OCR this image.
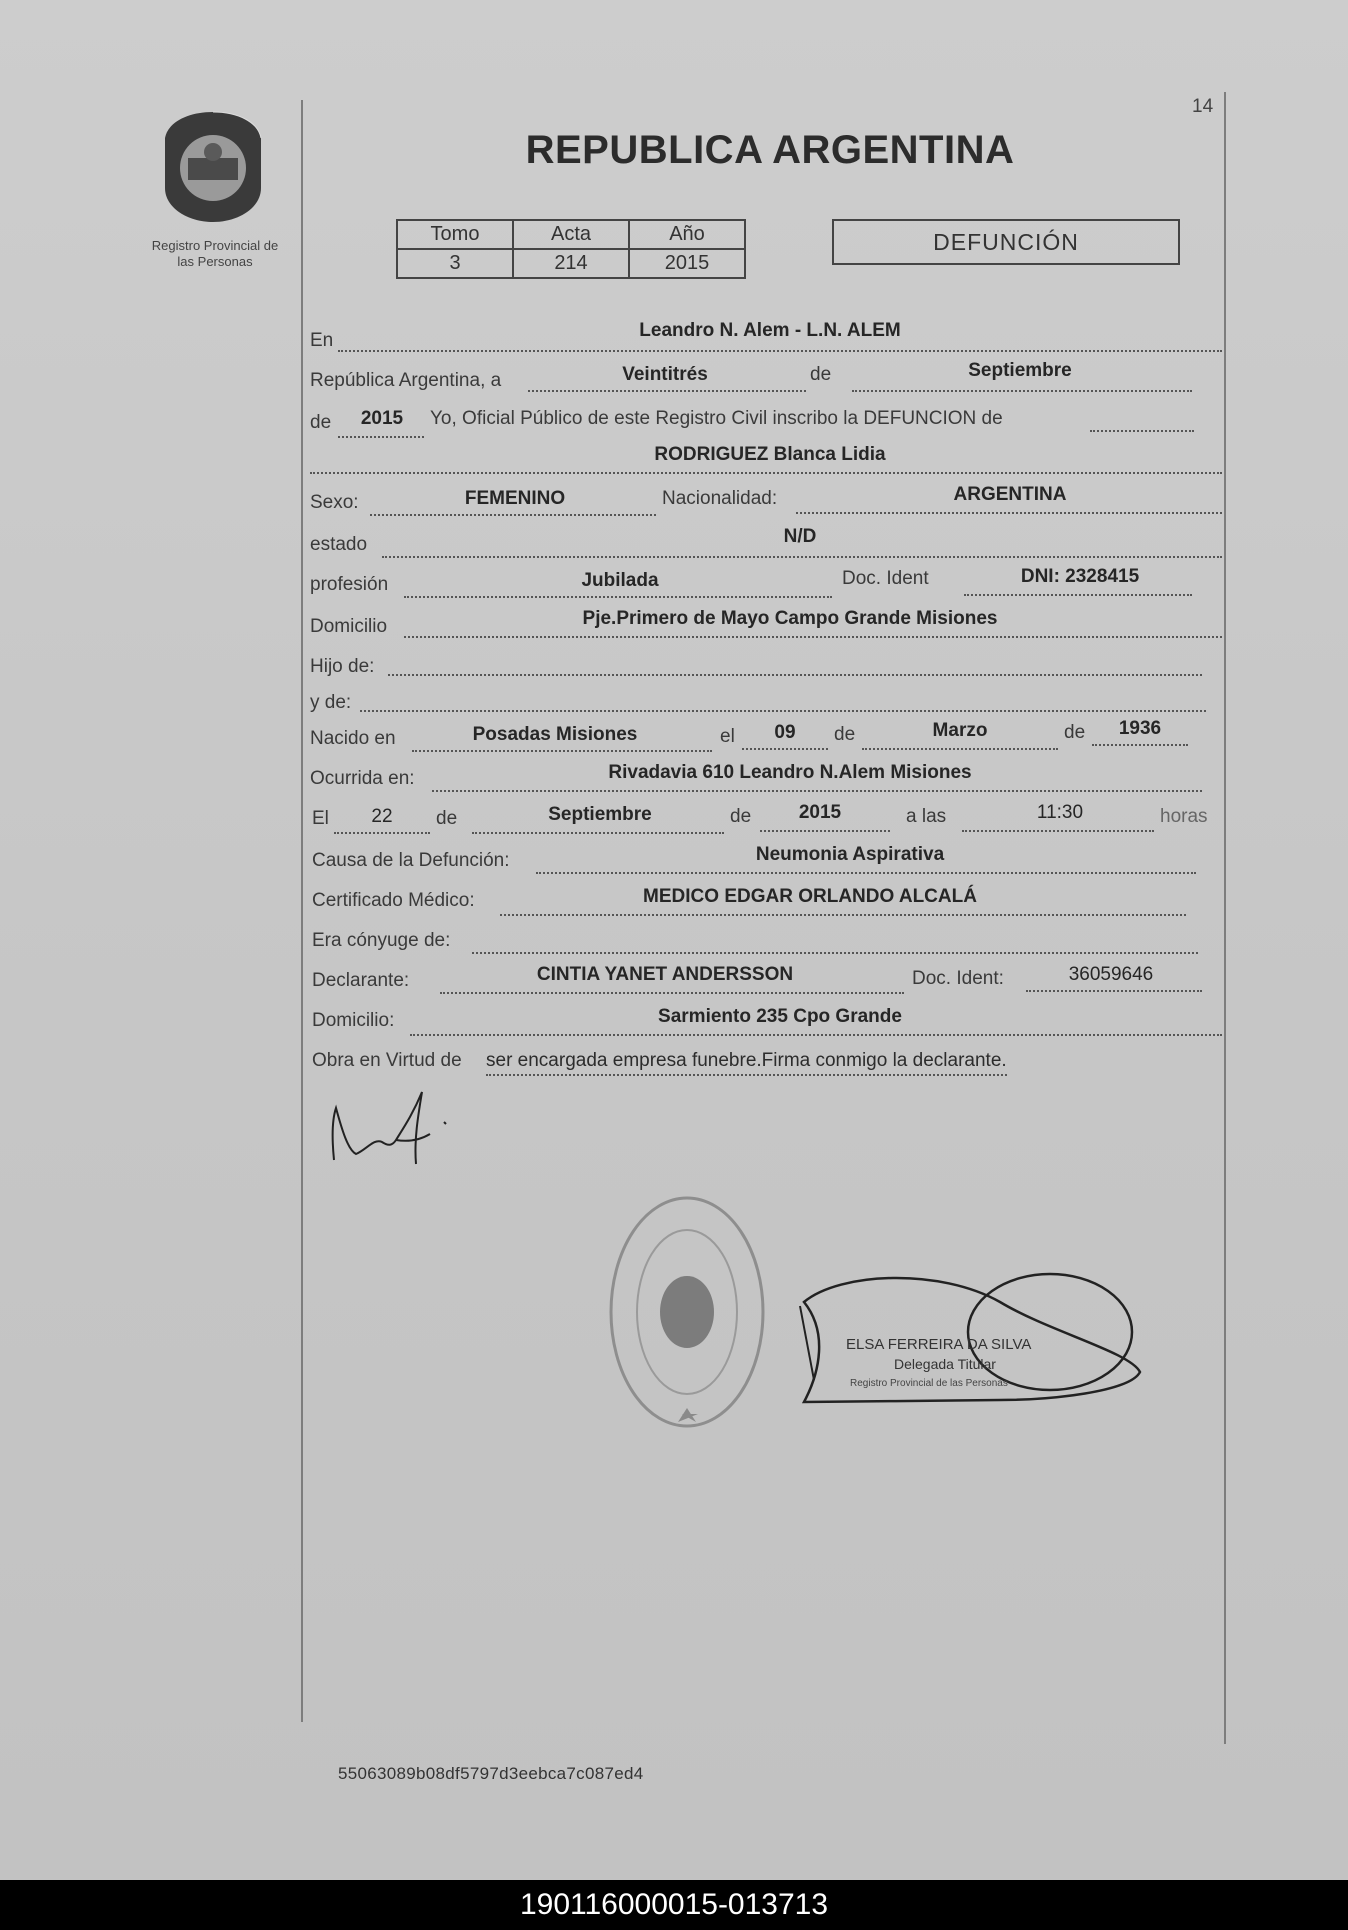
14
Registro Provincial de
las Personas
REPUBLICA ARGENTINA
Tomo	Acta	Año
3	214	2015
DEFUNCIÓN
En	Leandro N. Alem - L.N. ALEM
República Argentina, a	Veintitrés	de	Septiembre
de	2015	Yo, Oficial Público de este Registro Civil inscribo la DEFUNCION de
RODRIGUEZ Blanca Lidia
Sexo:	FEMENINO	Nacionalidad:	ARGENTINA
estado	N/D
profesión	Jubilada	Doc. Ident	DNI: 2328415
Domicilio	Pje.Primero de Mayo Campo Grande Misiones
Hijo de:
y de:
Nacido en	Posadas Misiones	el	09	de	Marzo	de	1936
Ocurrida en:	Rivadavia 610 Leandro N.Alem Misiones
El	22	de	Septiembre	de	2015	a las	11:30	horas
Causa de la Defunción:	Neumonia Aspirativa
Certificado Médico:	MEDICO EDGAR ORLANDO ALCALÁ
Era cónyuge de:
Declarante:	CINTIA YANET ANDERSSON	Doc. Ident:	36059646
Domicilio:	Sarmiento 235 Cpo Grande
Obra en Virtud de ser encargada empresa funebre.Firma conmigo la declarante.
ELSA FERREIRA DA SILVA
Delegada Titular
Registro Provincial de las Personas
55063089b08df5797d3eebca7c087ed4
190116000015-013713
